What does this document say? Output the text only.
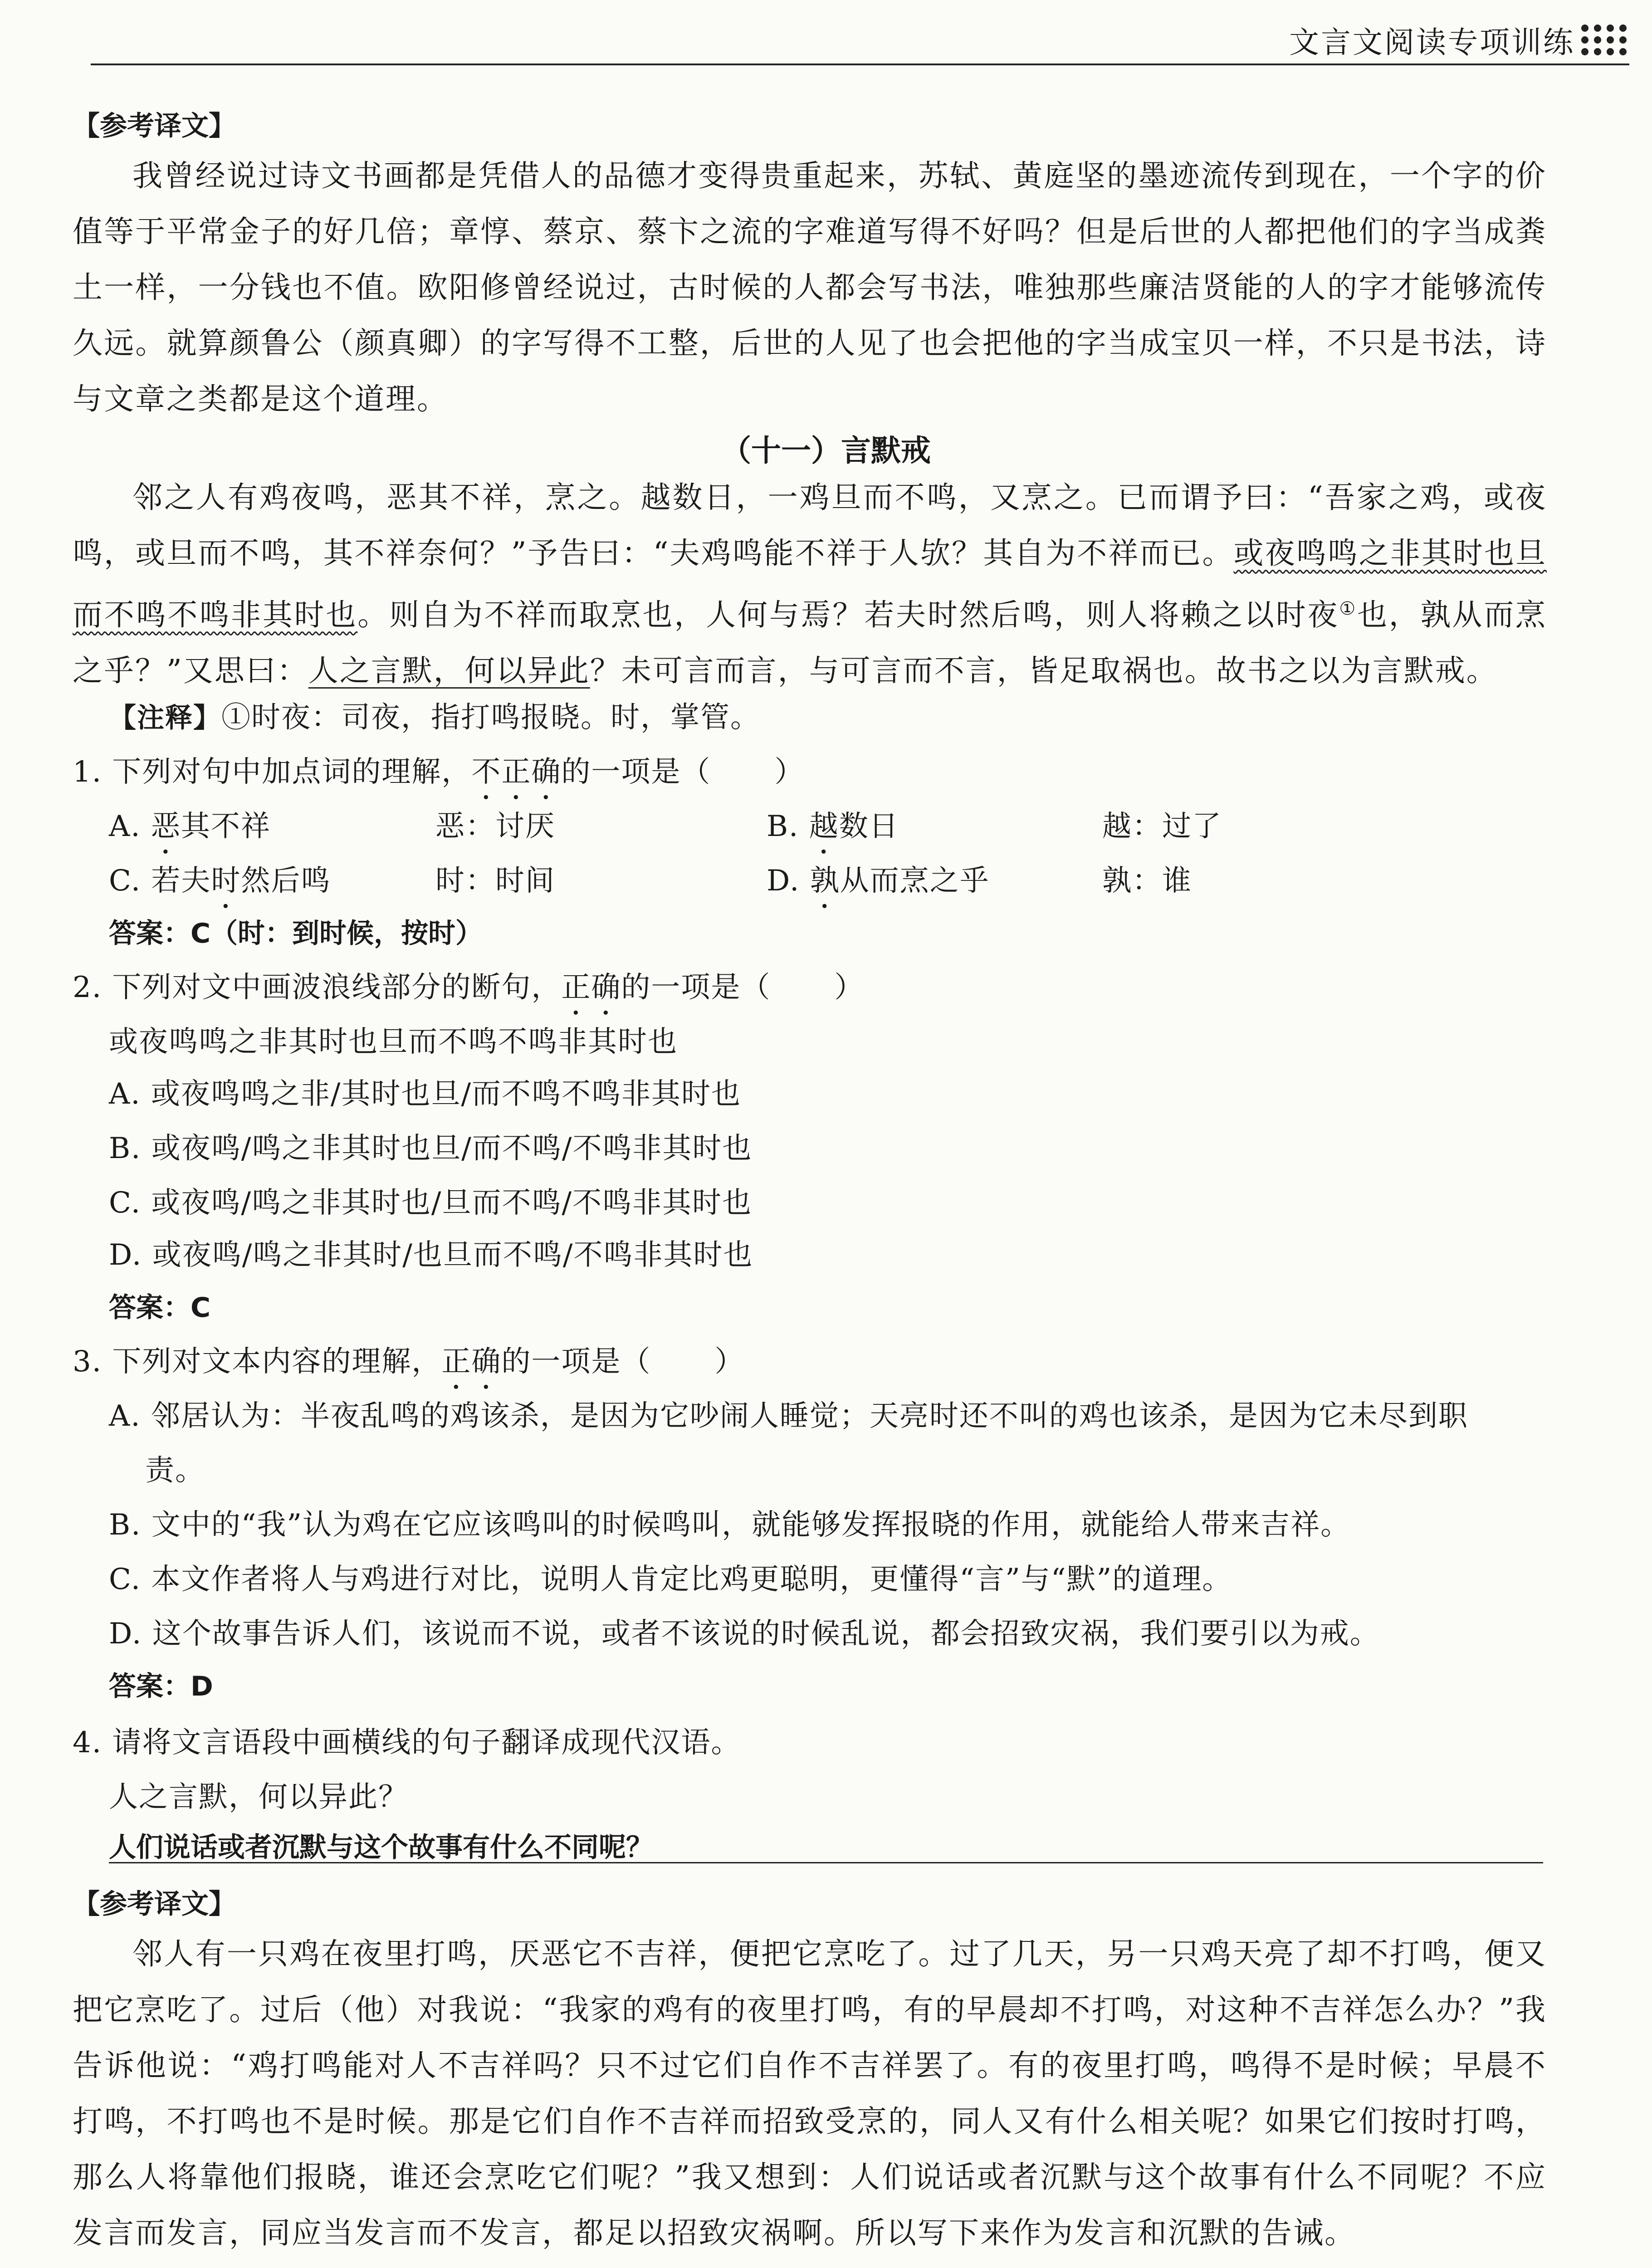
文言文阅读专项训练
【参考译文】

我曾经说过诗文书画都是凭借人的品德才变得贵重起来，苏轼、黄庭坚的墨迹流传到现在，一个字的价值等于平常金子的好几倍；章惇、蔡京、蔡卞之流的字难道写得不好吗？但是后世的人都把他们的字当成粪土一样，一分钱也不值。欧阳修曾经说过，古时候的人都会写书法，唯独那些廉洁贤能的人的字才能够流传久远。就算颜鲁公（颜真卿）的字写得不工整，后世的人见了也会把他的字当成宝贝一样，不只是书法，诗与文章之类都是这个道理。

（十一）言默戒

邻之人有鸡夜鸣，恶其不祥，烹之。越数日，一鸡旦而不鸣，又烹之。已而谓予曰：“吾家之鸡，或夜鸣，或旦而不鸣，其不祥奈何？”予告曰：“夫鸡鸣能不祥于人欤？其自为不祥而已。或夜鸣鸣之非其时也旦而不鸣不鸣非其时也。则自为不祥而取烹也，人何与焉？若夫时然后鸣，则人将赖之以时夜①也，孰从而烹之乎？”又思曰：人之言默，何以异此？未可言而言，与可言而不言，皆足取祸也。故书之以为言默戒。

【注释】①时夜：司夜，指打鸣报晓。时，掌管。
1. 下列对句中加点词的理解，不正确的一项是（ ）
A. 恶其不祥	恶：讨厌	B. 越数日	越：过了
C. 若夫时然后鸣	时：时间	D. 孰从而烹之乎	孰：谁
答案：C（时：到时候，按时）
2. 下列对文中画波浪线部分的断句，正确的一项是（ ）
或夜鸣鸣之非其时也旦而不鸣不鸣非其时也
A. 或夜鸣鸣之非/其时也旦/而不鸣不鸣非其时也
B. 或夜鸣/鸣之非其时也旦/而不鸣/不鸣非其时也
C. 或夜鸣/鸣之非其时也/旦而不鸣/不鸣非其时也
D. 或夜鸣/鸣之非其时/也旦而不鸣/不鸣非其时也
答案：C
3. 下列对文本内容的理解，正确的一项是（ ）
A. 邻居认为：半夜乱鸣的鸡该杀，是因为它吵闹人睡觉；天亮时还不叫的鸡也该杀，是因为它未尽到职
责。
B. 文中的“我”认为鸡在它应该鸣叫的时候鸣叫，就能够发挥报晓的作用，就能给人带来吉祥。
C. 本文作者将人与鸡进行对比，说明人肯定比鸡更聪明，更懂得“言”与“默”的道理。
D. 这个故事告诉人们，该说而不说，或者不该说的时候乱说，都会招致灾祸，我们要引以为戒。
答案：D
4. 请将文言语段中画横线的句子翻译成现代汉语。
人之言默，何以异此？
人们说话或者沉默与这个故事有什么不同呢？
【参考译文】

邻人有一只鸡在夜里打鸣，厌恶它不吉祥，便把它烹吃了。过了几天，另一只鸡天亮了却不打鸣，便又把它烹吃了。过后（他）对我说：“我家的鸡有的夜里打鸣，有的早晨却不打鸣，对这种不吉祥怎么办？”我告诉他说：“鸡打鸣能对人不吉祥吗？只不过它们自作不吉祥罢了。有的夜里打鸣，鸣得不是时候；早晨不打鸣，不打鸣也不是时候。那是它们自作不吉祥而招致受烹的，同人又有什么相关呢？如果它们按时打鸣，那么人将靠他们报晓，谁还会烹吃它们呢？”我又想到：人们说话或者沉默与这个故事有什么不同呢？不应发言而发言，同应当发言而不发言，都足以招致灾祸啊。所以写下来作为发言和沉默的告诫。
